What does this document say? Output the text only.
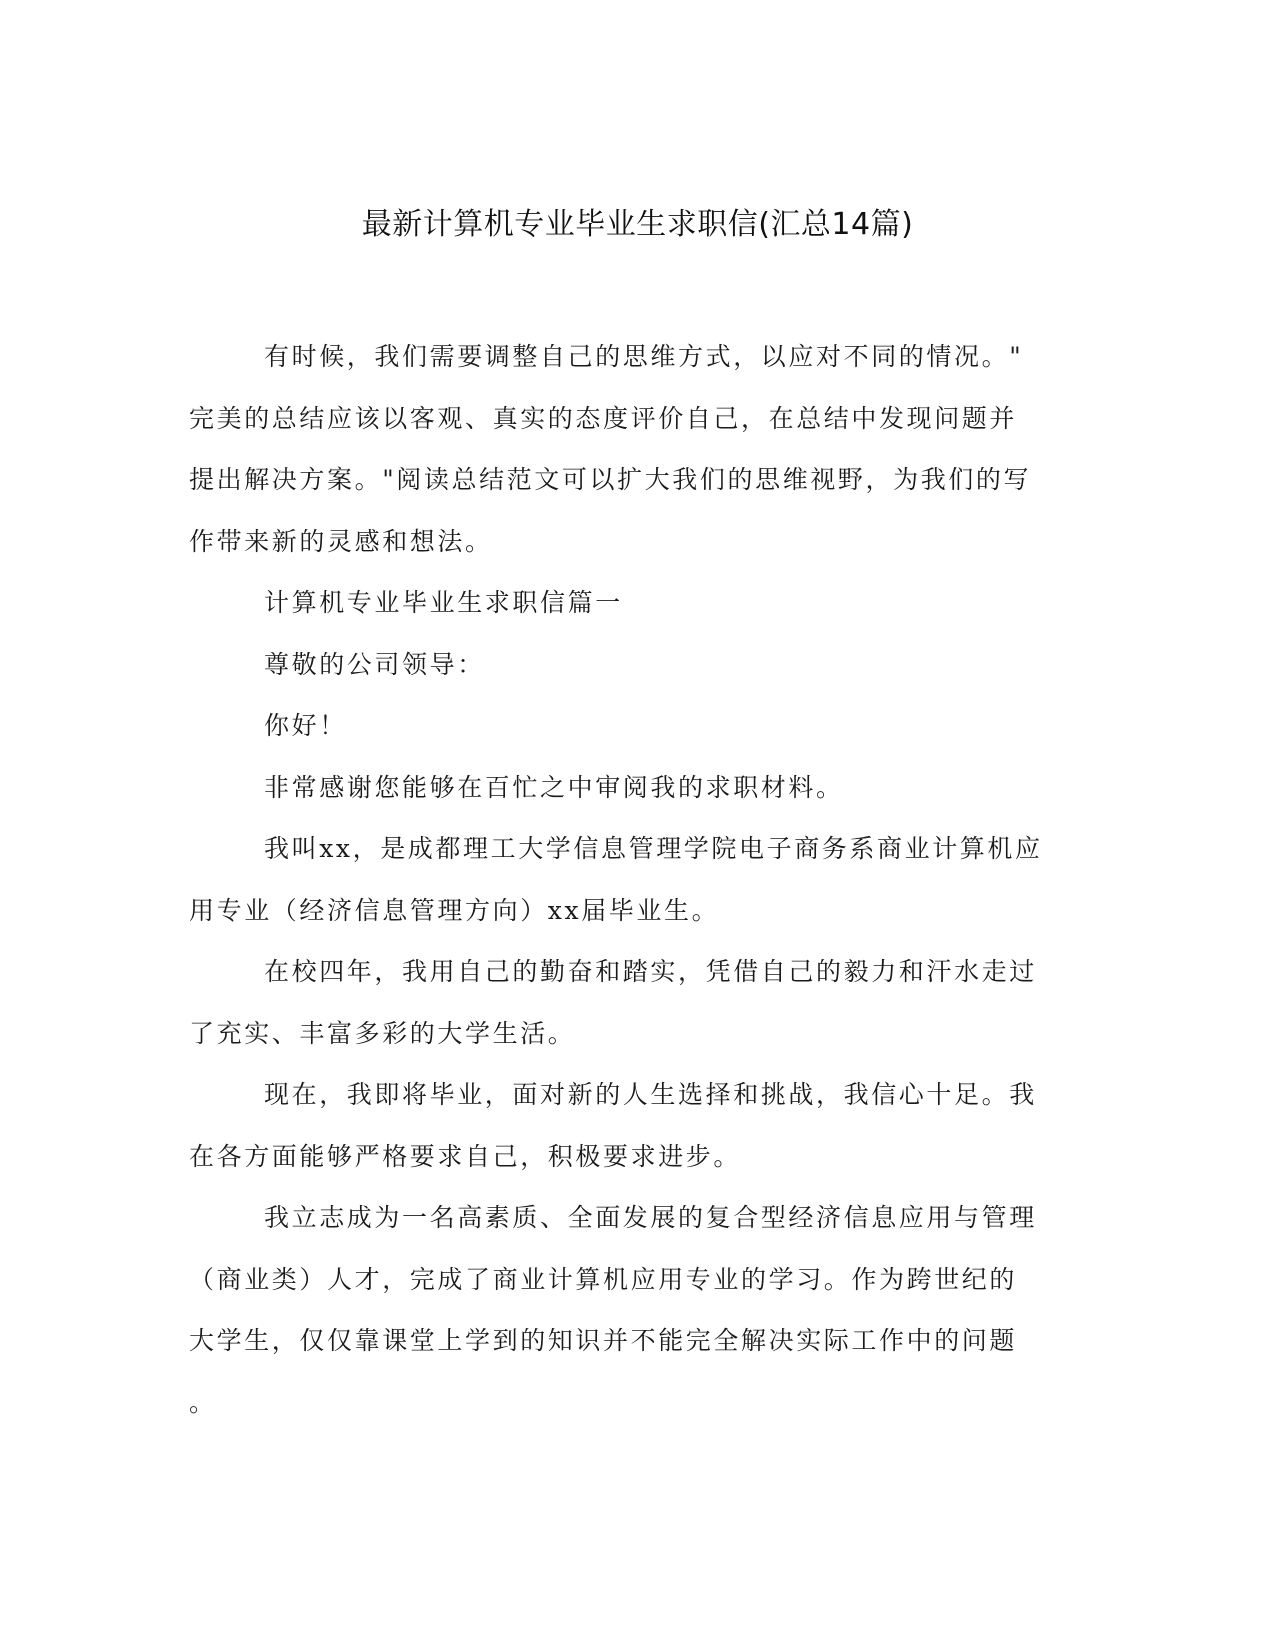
最新计算机专业毕业生求职信(汇总14篇)

有时候，我们需要调整自己的思维方式，以应对不同的情况。"
完美的总结应该以客观、真实的态度评价自己，在总结中发现问题并
提出解决方案。"阅读总结范文可以扩大我们的思维视野，为我们的写
作带来新的灵感和想法。

计算机专业毕业生求职信篇一

尊敬的公司领导：

你好！

非常感谢您能够在百忙之中审阅我的求职材料。

我叫xx，是成都理工大学信息管理学院电子商务系商业计算机应
用专业（经济信息管理方向）xx届毕业生。

在校四年，我用自己的勤奋和踏实，凭借自己的毅力和汗水走过
了充实、丰富多彩的大学生活。

现在，我即将毕业，面对新的人生选择和挑战，我信心十足。我
在各方面能够严格要求自己，积极要求进步。

我立志成为一名高素质、全面发展的复合型经济信息应用与管理
（商业类）人才，完成了商业计算机应用专业的学习。作为跨世纪的
大学生，仅仅靠课堂上学到的知识并不能完全解决实际工作中的问题
。
